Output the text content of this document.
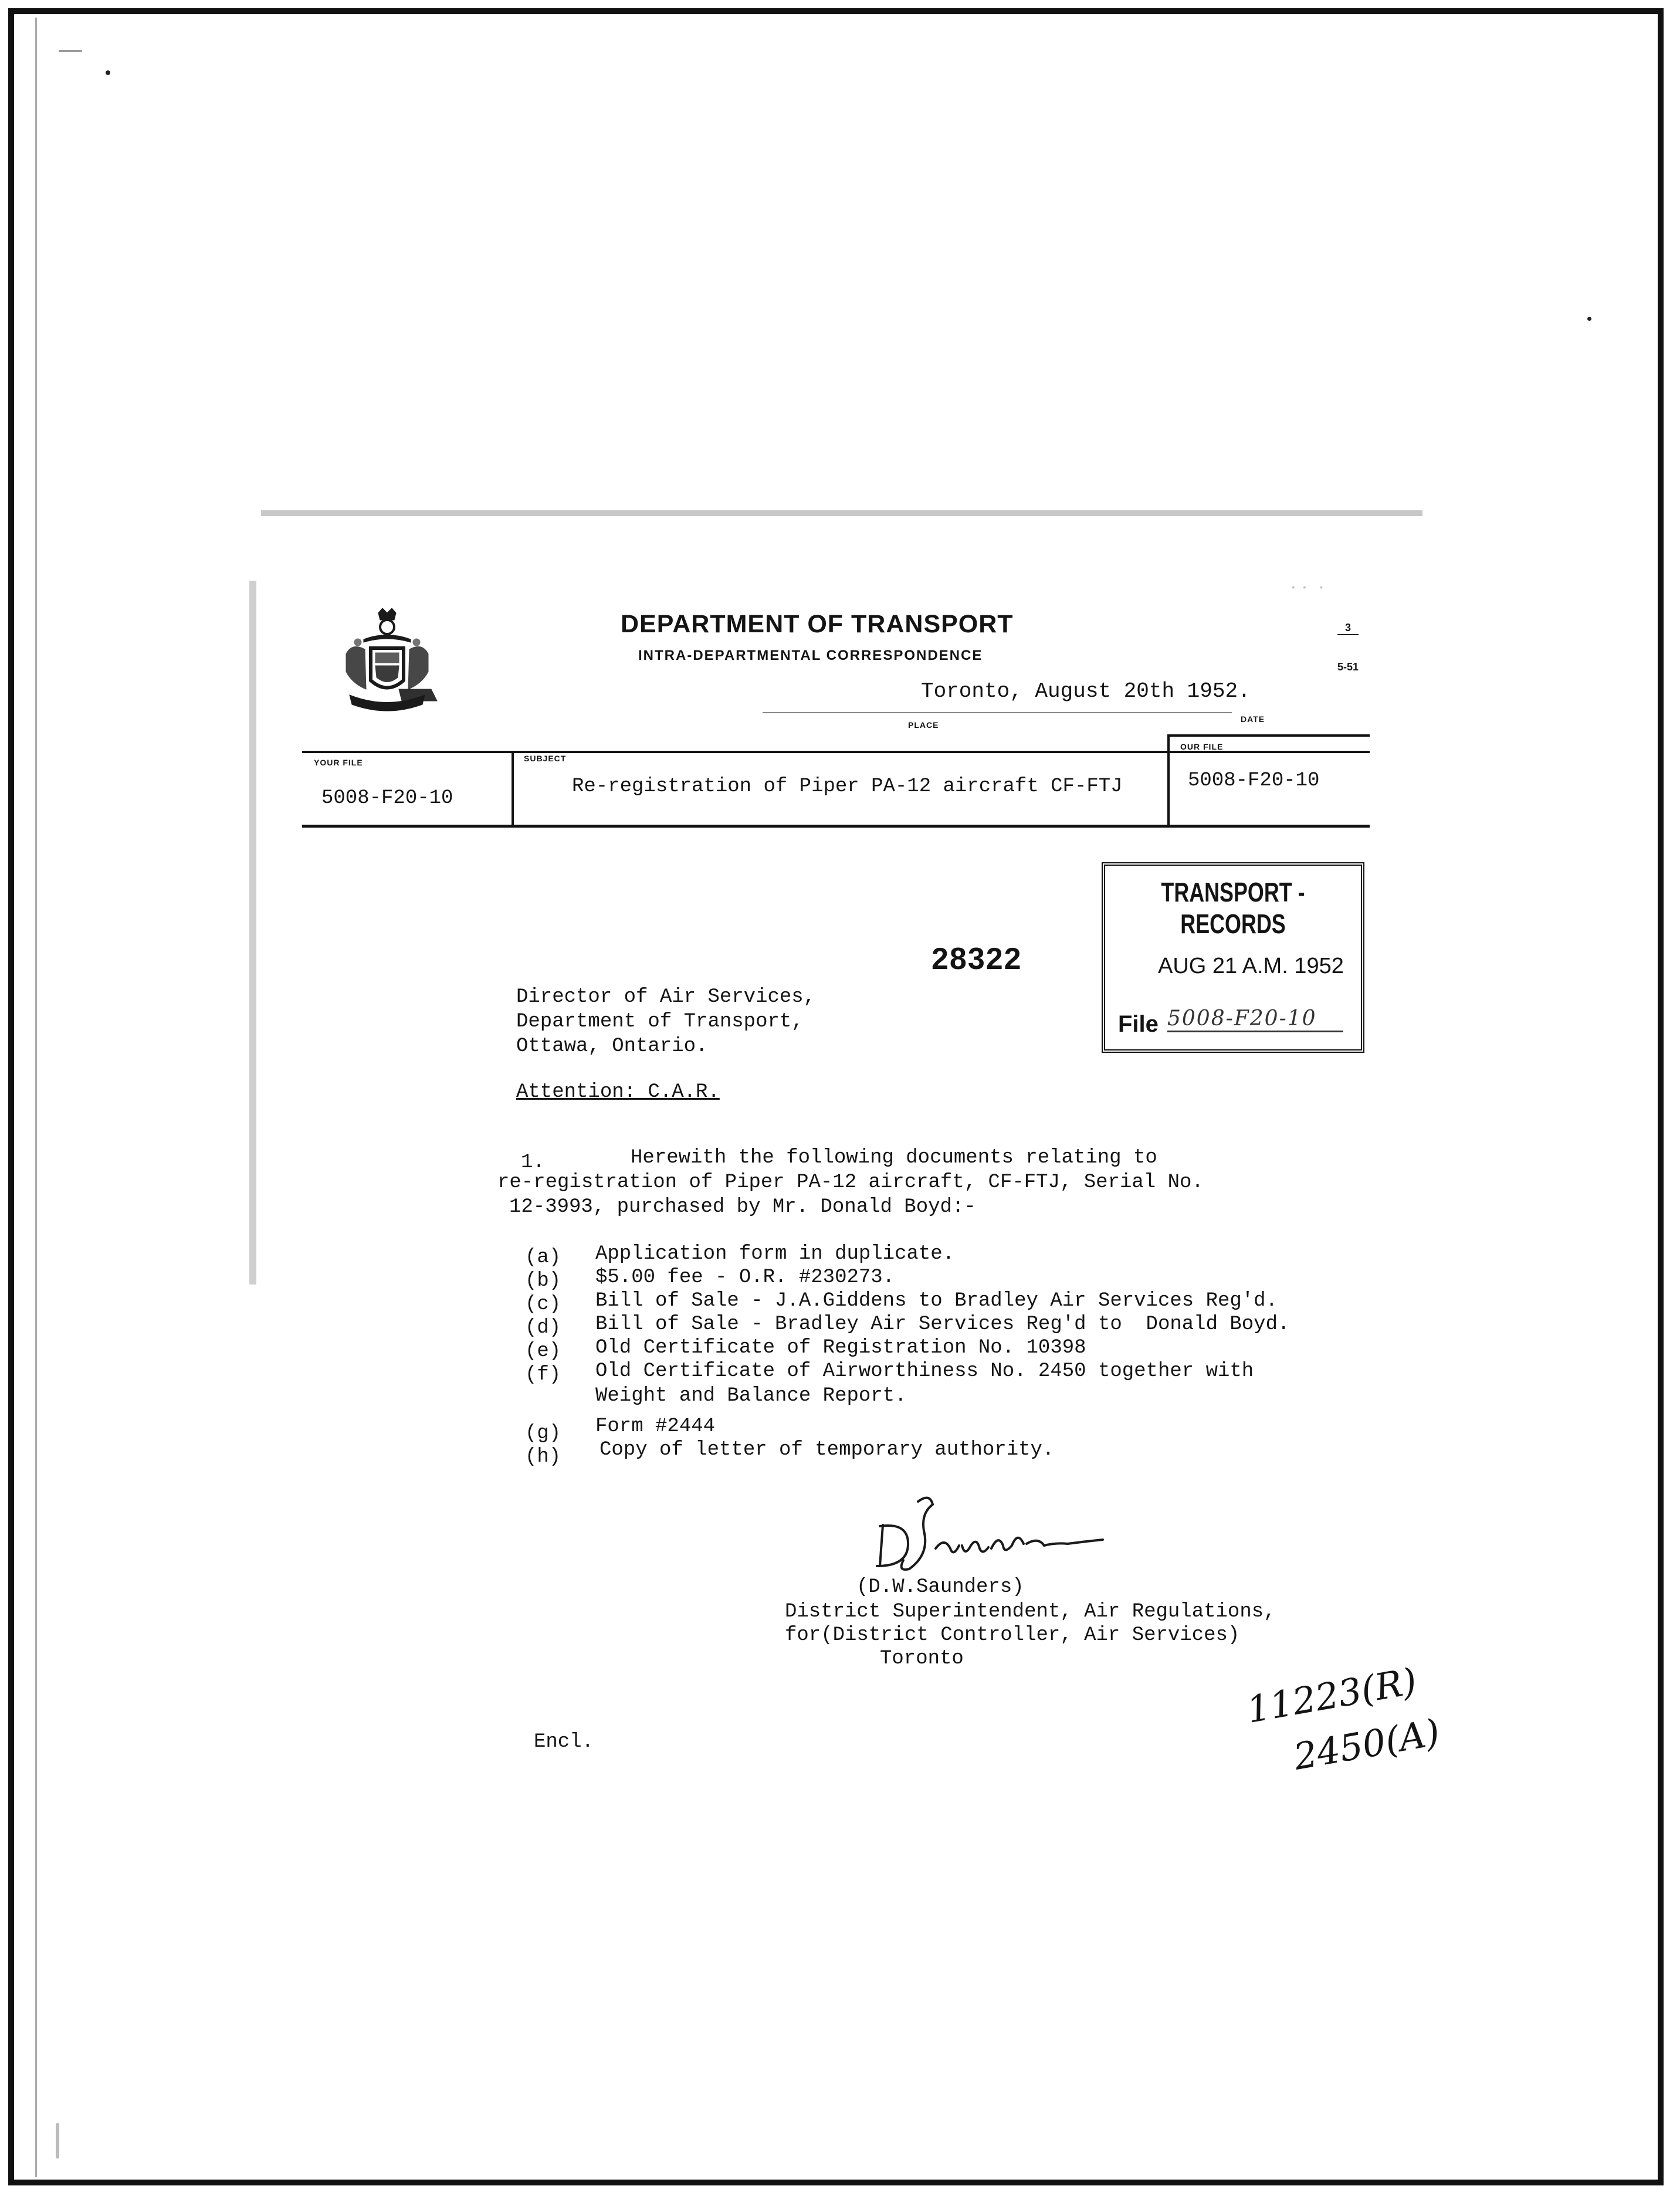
DEPARTMENT OF TRANSPORT
INTRA-DEPARTMENTAL CORRESPONDENCE

3

5-51

· ·  ·
Toronto, August 20th 1952.
PLACE
DATE
YOUR FILE
5008-F20-10
SUBJECT
Re-registration of Piper PA-12 aircraft CF-FTJ
OUR FILE
5008-F20-10
TRANSPORT - RECORDS
AUG 21 A.M. 1952
File 5008-F20-10
28322
Director of Air Services,
Department of Transport,
Ottawa, Ontario.
Attention: C.A.R.
1.	Herewith the following documents relating to
re-registration of Piper PA-12 aircraft, CF-FTJ, Serial No.
12-3993, purchased by Mr. Donald Boyd:-
(a) Application form in duplicate.
(b) $5.00 fee - O.R. #230273.
(c) Bill of Sale - J.A.Giddens to Bradley Air Services Reg'd.
(d) Bill of Sale - Bradley Air Services Reg'd to  Donald Boyd.
(e) Old Certificate of Registration No. 10398
(f) Old Certificate of Airworthiness No. 2450 together with
Weight and Balance Report.
(g) Form #2444
(h) Copy of letter of temporary authority.
(D.W.Saunders)
District Superintendent, Air Regulations,
for(District Controller, Air Services)
Toronto
Encl.
11223(R)
2450(A)
